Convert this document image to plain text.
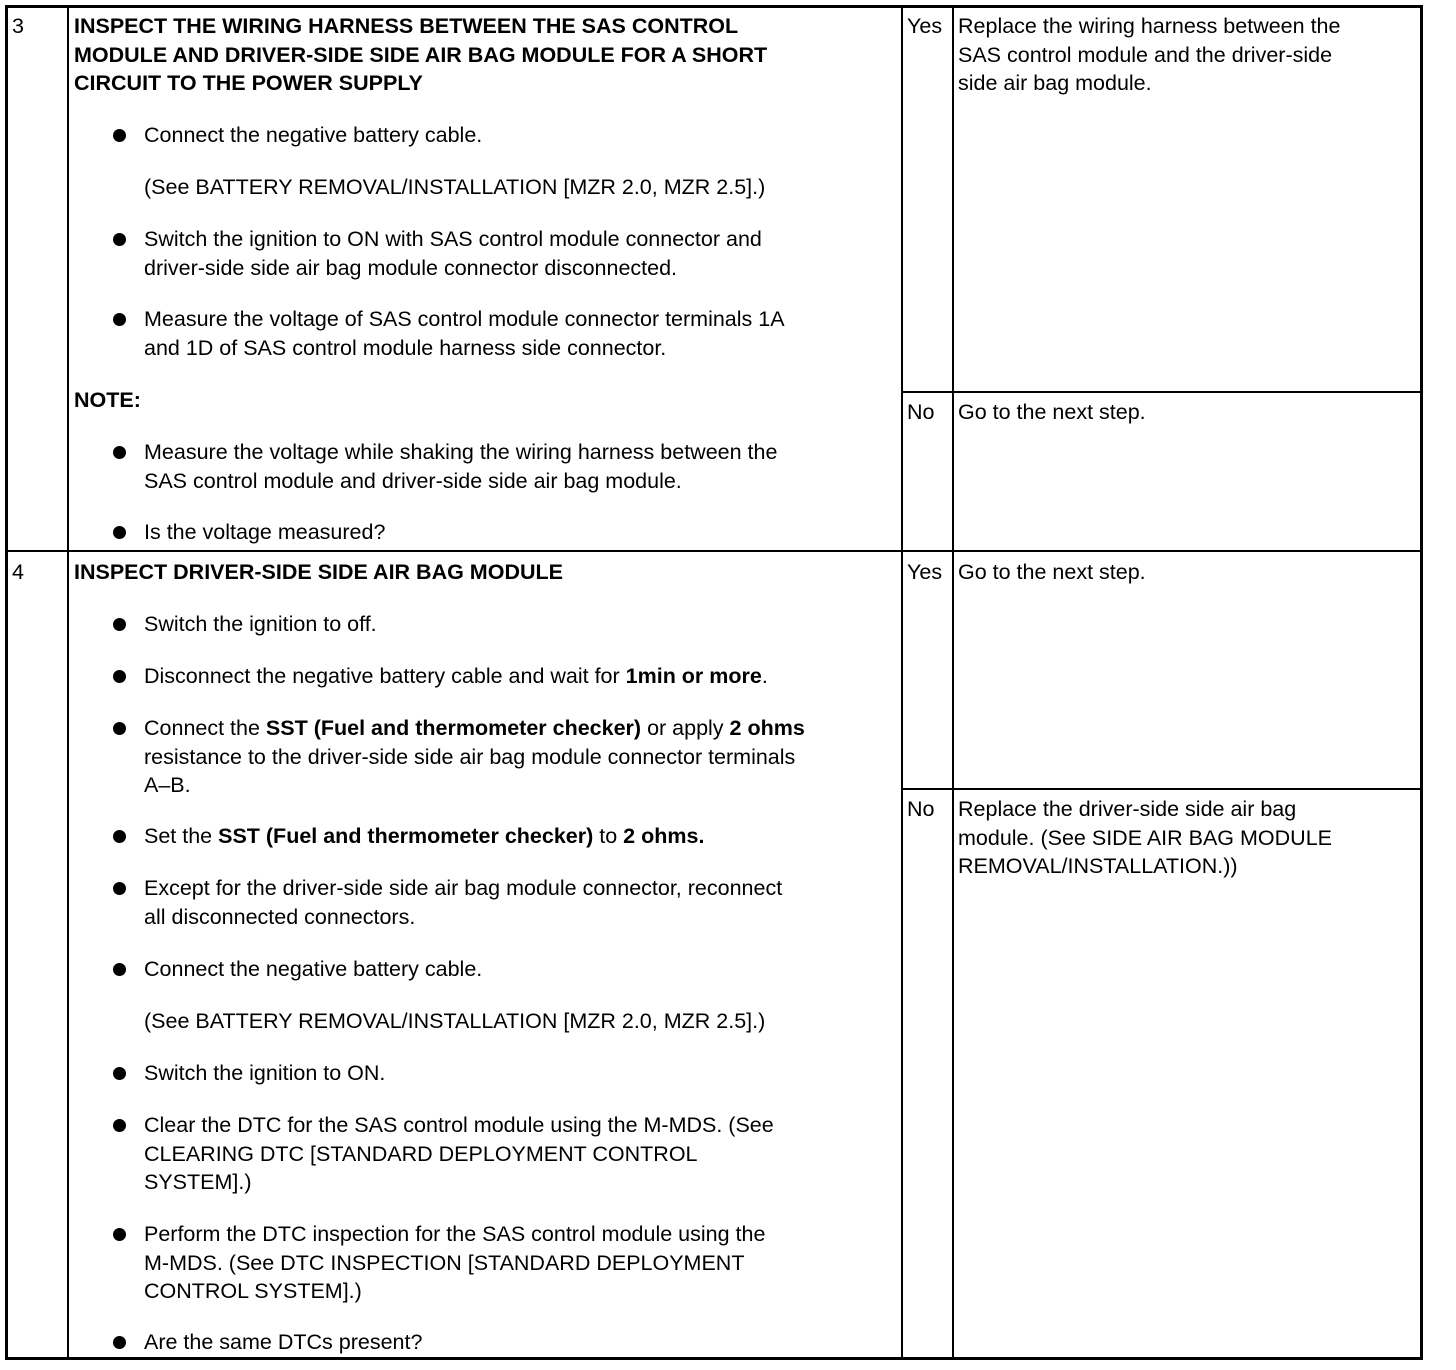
3 INSPECT THE WIRING HARNESS BETWEEN THE SAS CONTROL
MODULE AND DRIVER-SIDE SIDE AIR BAG MODULE FOR A SHORT
CIRCUIT TO THE POWER SUPPLY
Connect the negative battery cable.
(See BATTERY REMOVAL/INSTALLATION [MZR 2.0, MZR 2.5].)
Switch the ignition to ON with SAS control module connector and
driver-side side air bag module connector disconnected.
Measure the voltage of SAS control module connector terminals 1A
and 1D of SAS control module harness side connector.
NOTE:
Measure the voltage while shaking the wiring harness between the
SAS control module and driver-side side air bag module.
Is the voltage measured?
Yes Replace the wiring harness between the
SAS control module and the driver-side
side air bag module.
No Go to the next step.
4 INSPECT DRIVER-SIDE SIDE AIR BAG MODULE
Switch the ignition to off.
Disconnect the negative battery cable and wait for 1min or more.
Connect the SST (Fuel and thermometer checker) or apply 2 ohms
resistance to the driver-side side air bag module connector terminals
A–B.
Set the SST (Fuel and thermometer checker) to 2 ohms.
Except for the driver-side side air bag module connector, reconnect
all disconnected connectors.
Connect the negative battery cable.
(See BATTERY REMOVAL/INSTALLATION [MZR 2.0, MZR 2.5].)
Switch the ignition to ON.
Clear the DTC for the SAS control module using the M-MDS. (See
CLEARING DTC [STANDARD DEPLOYMENT CONTROL
SYSTEM].)
Perform the DTC inspection for the SAS control module using the
M-MDS. (See DTC INSPECTION [STANDARD DEPLOYMENT
CONTROL SYSTEM].)
Are the same DTCs present?
Yes Go to the next step.
No Replace the driver-side side air bag
module. (See SIDE AIR BAG MODULE
REMOVAL/INSTALLATION.))
